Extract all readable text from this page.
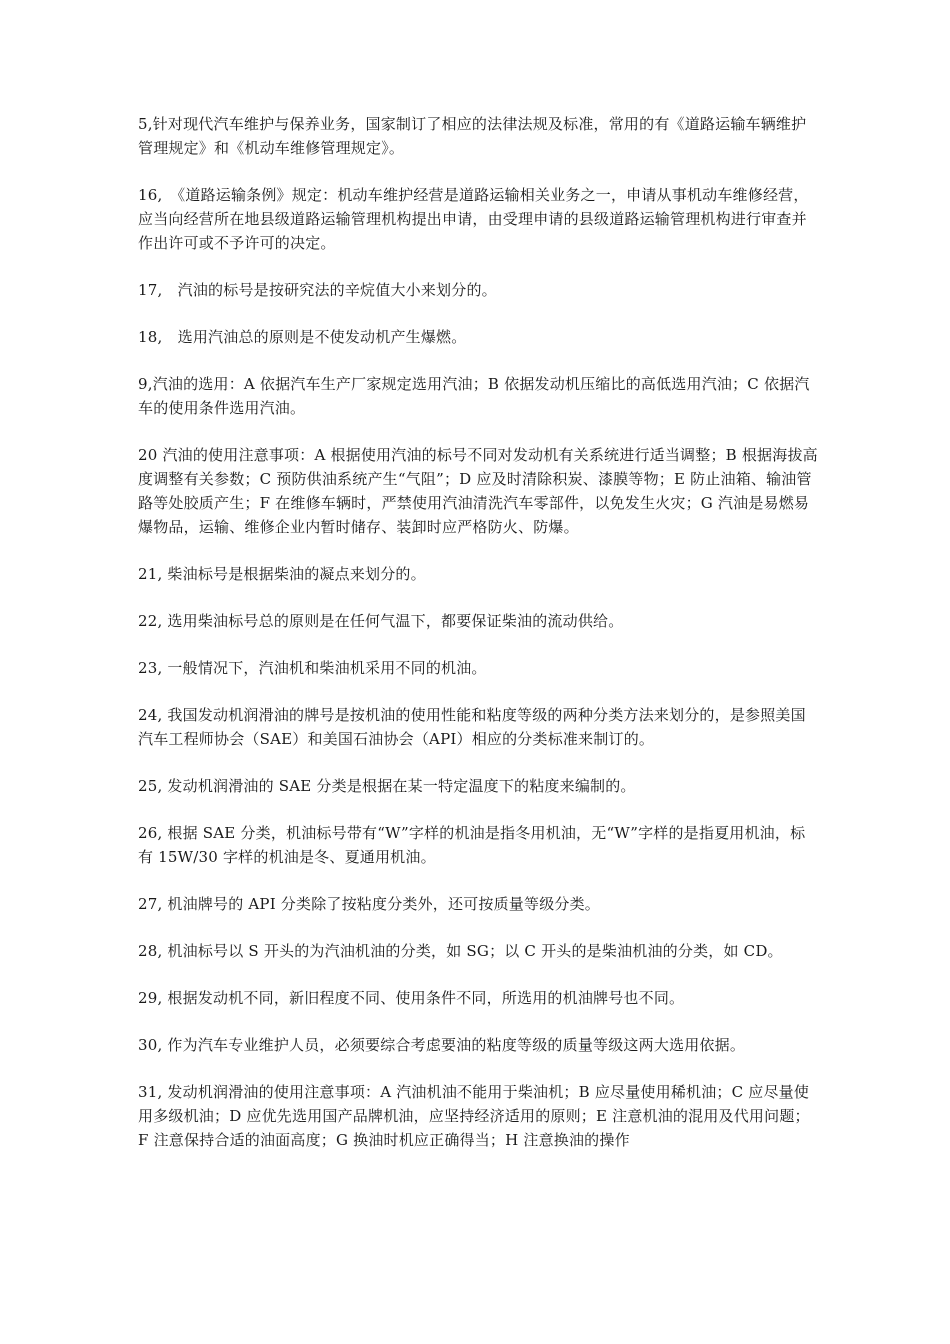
5,针对现代汽车维护与保养业务，国家制订了相应的法律法规及标准，常用的有《道路运输车辆维护管理规定》和《机动车维修管理规定》。

16,　《道路运输条例》规定：机动车维护经营是道路运输相关业务之一，申请从事机动车维修经营，应当向经营所在地县级道路运输管理机构提出申请，由受理申请的县级道路运输管理机构进行审查并作出许可或不予许可的决定。

17,　汽油的标号是按研究法的辛烷值大小来划分的。

18,　选用汽油总的原则是不使发动机产生爆燃。

9,汽油的选用：A 依据汽车生产厂家规定选用汽油；B 依据发动机压缩比的高低选用汽油；C 依据汽车的使用条件选用汽油。

20 汽油的使用注意事项：A 根据使用汽油的标号不同对发动机有关系统进行适当调整；B 根据海拔高度调整有关参数；C 预防供油系统产生“气阻”；D 应及时清除积炭、漆膜等物；E 防止油箱、输油管路等处胶质产生；F 在维修车辆时，严禁使用汽油清洗汽车零部件，以免发生火灾；G 汽油是易燃易爆物品，运输、维修企业内暂时储存、装卸时应严格防火、防爆。

21, 柴油标号是根据柴油的凝点来划分的。

22, 选用柴油标号总的原则是在任何气温下，都要保证柴油的流动供给。

23, 一般情况下，汽油机和柴油机采用不同的机油。

24, 我国发动机润滑油的牌号是按机油的使用性能和粘度等级的两种分类方法来划分的，是参照美国汽车工程师协会（SAE）和美国石油协会（API）相应的分类标准来制订的。

25, 发动机润滑油的 SAE 分类是根据在某一特定温度下的粘度来编制的。

26, 根据 SAE 分类，机油标号带有“W”字样的机油是指冬用机油，无“W”字样的是指夏用机油，标有 15W/30 字样的机油是冬、夏通用机油。

27, 机油牌号的 API 分类除了按粘度分类外，还可按质量等级分类。

28, 机油标号以 S 开头的为汽油机油的分类，如 SG；以 C 开头的是柴油机油的分类，如 CD。

29, 根据发动机不同，新旧程度不同、使用条件不同，所选用的机油牌号也不同。

30, 作为汽车专业维护人员，必须要综合考虑要油的粘度等级的质量等级这两大选用依据。

31, 发动机润滑油的使用注意事项：A 汽油机油不能用于柴油机；B 应尽量使用稀机油；C 应尽量使用多级机油；D 应优先选用国产品牌机油，应坚持经济适用的原则；E 注意机油的混用及代用问题；F 注意保持合适的油面高度；G 换油时机应正确得当；H 注意换油的操作
